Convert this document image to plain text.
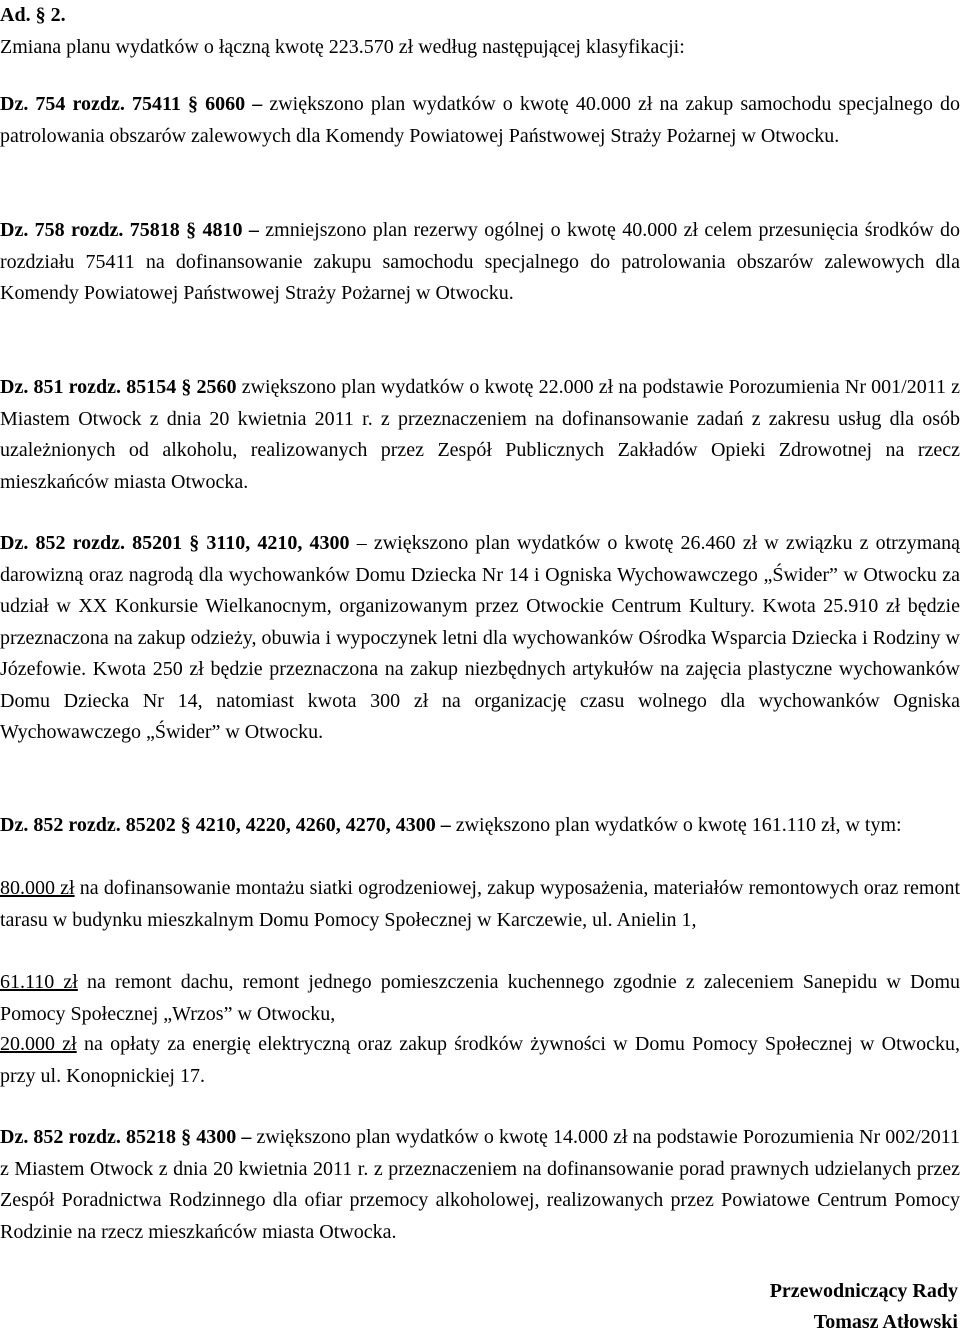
Ad. § 2.

Zmiana planu wydatków o łączną kwotę 223.570 zł według następującej klasyfikacji:

Dz. 754 rozdz. 75411 § 6060 – zwiększono plan wydatków o kwotę 40.000 zł na zakup samochodu specjalnego do patrolowania obszarów zalewowych dla Komendy Powiatowej Państwowej Straży Pożarnej w Otwocku.

Dz. 758 rozdz. 75818 § 4810 – zmniejszono plan rezerwy ogólnej o kwotę 40.000 zł celem przesunięcia środków do rozdziału 75411 na dofinansowanie zakupu samochodu specjalnego do patrolowania obszarów zalewowych dla Komendy Powiatowej Państwowej Straży Pożarnej w Otwocku.

Dz. 851 rozdz. 85154 § 2560 zwiększono plan wydatków o kwotę 22.000 zł na podstawie Porozumienia Nr 001/2011 z Miastem Otwock z dnia 20 kwietnia 2011 r. z przeznaczeniem na dofinansowanie zadań z zakresu usług dla osób uzależnionych od alkoholu, realizowanych przez Zespół Publicznych Zakładów Opieki Zdrowotnej na rzecz mieszkańców miasta Otwocka.

Dz. 852 rozdz. 85201 § 3110, 4210, 4300 – zwiększono plan wydatków o kwotę 26.460 zł w związku z otrzymaną darowizną oraz nagrodą dla wychowanków Domu Dziecka Nr 14 i Ogniska Wychowawczego „Świder” w Otwocku za udział w XX Konkursie Wielkanocnym, organizowanym przez Otwockie Centrum Kultury. Kwota 25.910 zł będzie przeznaczona na zakup odzieży, obuwia i wypoczynek letni dla wychowanków Ośrodka Wsparcia Dziecka i Rodziny w Józefowie. Kwota 250 zł będzie przeznaczona na zakup niezbędnych artykułów na zajęcia plastyczne wychowanków Domu Dziecka Nr 14, natomiast kwota 300 zł na organizację czasu wolnego dla wychowanków Ogniska Wychowawczego „Świder” w Otwocku.

Dz. 852 rozdz. 85202 § 4210, 4220, 4260, 4270, 4300 – zwiększono plan wydatków o kwotę 161.110 zł, w tym:

80.000 zł na dofinansowanie montażu siatki ogrodzeniowej, zakup wyposażenia, materiałów remontowych oraz remont tarasu w budynku mieszkalnym Domu Pomocy Społecznej w Karczewie, ul. Anielin 1,

61.110 zł na remont dachu, remont jednego pomieszczenia kuchennego zgodnie z zaleceniem Sanepidu w Domu Pomocy Społecznej „Wrzos” w Otwocku,

20.000 zł na opłaty za energię elektryczną oraz zakup środków żywności w Domu Pomocy Społecznej w Otwocku, przy ul. Konopnickiej 17.

Dz. 852 rozdz. 85218 § 4300 – zwiększono plan wydatków o kwotę 14.000 zł na podstawie Porozumienia Nr 002/2011 z Miastem Otwock z dnia 20 kwietnia 2011 r. z przeznaczeniem na dofinansowanie porad prawnych udzielanych przez Zespół Poradnictwa Rodzinnego dla ofiar przemocy alkoholowej, realizowanych przez Powiatowe Centrum Pomocy Rodzinie na rzecz mieszkańców miasta Otwocka.

Przewodniczący Rady
Tomasz Atłowski
